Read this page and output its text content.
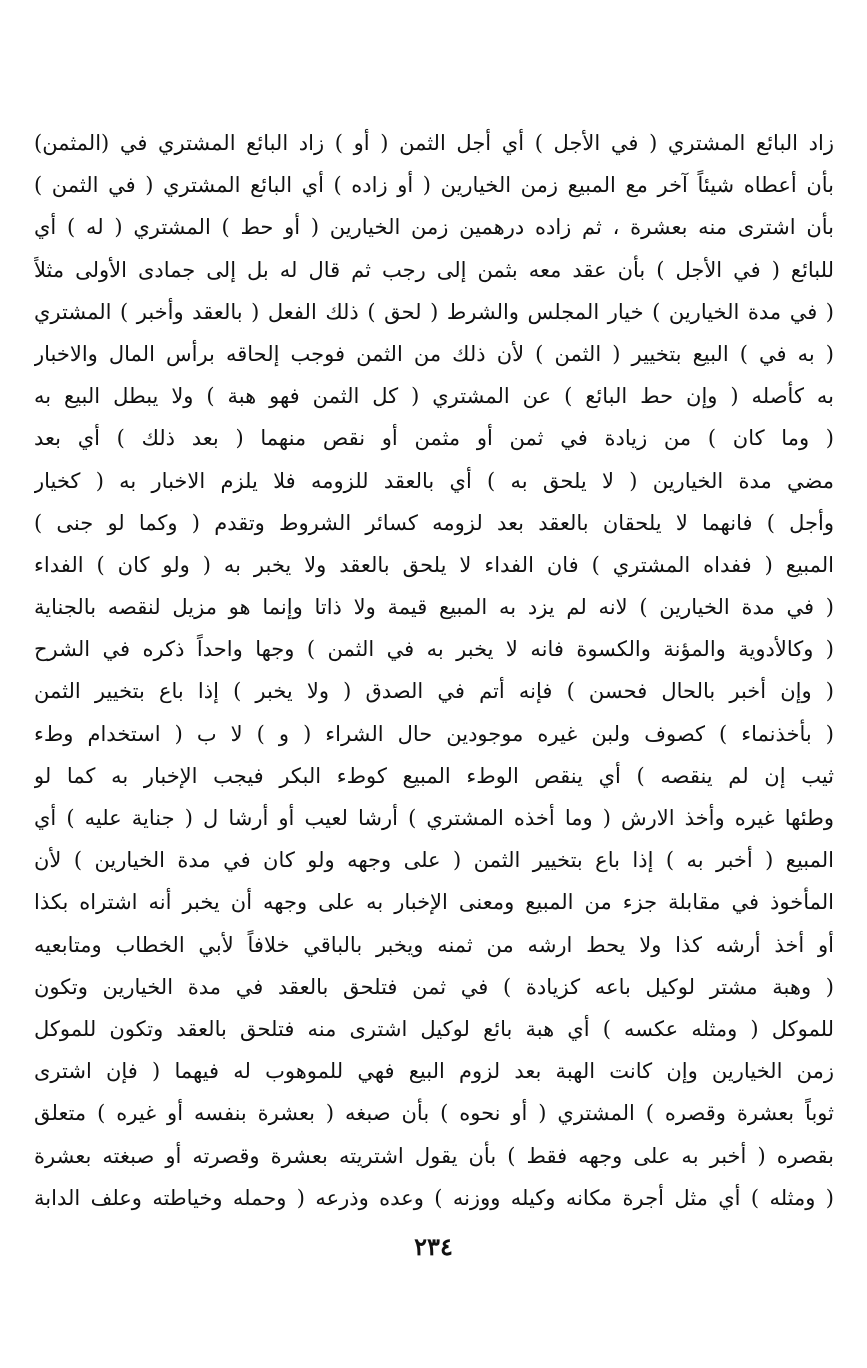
زاد البائع المشتري ( في الأجل ) أي أجل الثمن ( أو ) زاد البائع المشتري في (المثمن)
بأن أعطاه شيئاً آخر مع المبيع زمن الخيارين ( أو زاده ) أي البائع المشتري ( في الثمن )
بأن اشترى منه بعشرة ، ثم زاده درهمين زمن الخيارين ( أو حط ) المشتري ( له ) أي
للبائع ( في الأجل ) بأن عقد معه بثمن إلى رجب ثم قال له بل إلى جمادى الأولى مثلاً
( في مدة الخيارين ) خيار المجلس والشرط ( لحق ) ذلك الفعل ( بالعقد وأخبر ) المشتري
( به في ) البيع بتخيير ( الثمن ) لأن ذلك من الثمن فوجب إلحاقه برأس المال والاخبار
به كأصله ( وإن حط البائع ) عن المشتري ( كل الثمن فهو هبة ) ولا يبطل البيع به
( وما كان ) من زيادة في ثمن أو مثمن أو نقص منهما ( بعد ذلك ) أي بعد
مضي مدة الخيارين ( لا يلحق به ) أي بالعقد للزومه فلا يلزم الاخبار به ( كخيار
وأجل ) فانهما لا يلحقان بالعقد بعد لزومه كسائر الشروط وتقدم ( وكما لو جنى )
المبيع ( ففداه المشتري ) فان الفداء لا يلحق بالعقد ولا يخبر به ( ولو كان ) الفداء
( في مدة الخيارين ) لانه لم يزد به المبيع قيمة ولا ذاتا وإنما هو مزيل لنقصه بالجناية
( وكالأدوية والمؤنة والكسوة فانه لا يخبر به في الثمن ) وجها واحداً ذكره في الشرح
( وإن أخبر بالحال فحسن ) فإنه أتم في الصدق ( ولا يخبر ) إذا باع بتخيير الثمن
( بأخذنماء ) كصوف ولبن غيره موجودين حال الشراء ( و ) لا ب ( استخدام وطء
ثيب إن لم ينقصه ) أي ينقص الوطء المبيع كوطء البكر فيجب الإخبار به كما لو
وطئها غيره وأخذ الارش ( وما أخذه المشتري ) أرشا لعيب أو أرشا ل ( جناية عليه ) أي
المبيع ( أخبر به ) إذا باع بتخيير الثمن ( على وجهه ولو كان في مدة الخيارين ) لأن
المأخوذ في مقابلة جزء من المبيع ومعنى الإخبار به على وجهه أن يخبر أنه اشتراه بكذا
أو أخذ أرشه كذا ولا يحط ارشه من ثمنه ويخبر بالباقي خلافاً لأبي الخطاب ومتابعيه
( وهبة مشتر لوكيل باعه كزيادة ) في ثمن فتلحق بالعقد في مدة الخيارين وتكون
للموكل ( ومثله عكسه ) أي هبة بائع لوكيل اشترى منه فتلحق بالعقد وتكون للموكل
زمن الخيارين وإن كانت الهبة بعد لزوم البيع فهي للموهوب له فيهما ( فإن اشترى
ثوباً بعشرة وقصره ) المشتري ( أو نحوه ) بأن صبغه ( بعشرة بنفسه أو غيره ) متعلق
بقصره ( أخبر به على وجهه فقط ) بأن يقول اشتريته بعشرة وقصرته أو صبغته بعشرة
( ومثله ) أي مثل أجرة مكانه وكيله ووزنه ) وعده وذرعه ( وحمله وخياطته وعلف الدابة
٢٣٤
